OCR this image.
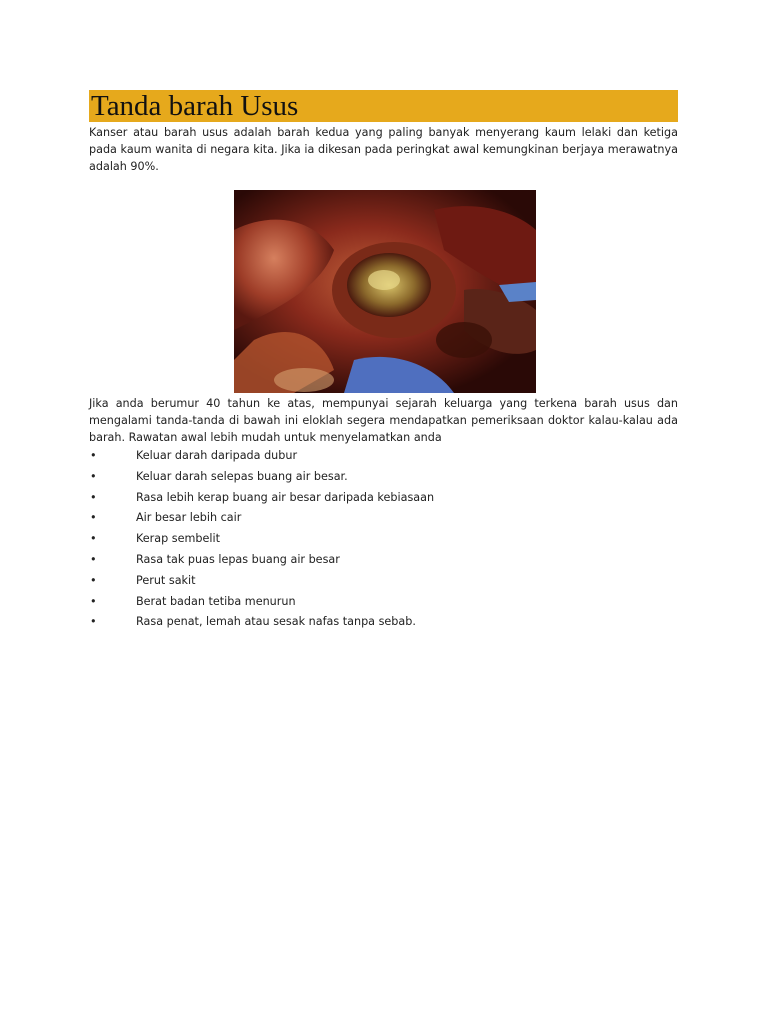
Tanda barah Usus

Kanser atau barah usus adalah barah kedua yang paling banyak menyerang kaum lelaki dan ketiga pada kaum wanita di negara kita. Jika ia dikesan pada peringkat awal kemungkinan berjaya merawatnya adalah 90%.

Jika anda berumur 40 tahun ke atas, mempunyai sejarah keluarga yang terkena barah usus dan mengalami tanda-tanda di bawah ini eloklah segera mendapatkan pemeriksaan doktor kalau-kalau ada barah. Rawatan awal lebih mudah untuk menyelamatkan anda

•	Keluar darah daripada dubur
•	Keluar darah selepas buang air besar.
•	Rasa lebih kerap buang air besar daripada kebiasaan
•	Air besar lebih cair
•	Kerap sembelit
•	Rasa tak puas lepas buang air besar
•	Perut sakit
•	Berat badan tetiba menurun
•	Rasa penat, lemah atau sesak nafas tanpa sebab.
